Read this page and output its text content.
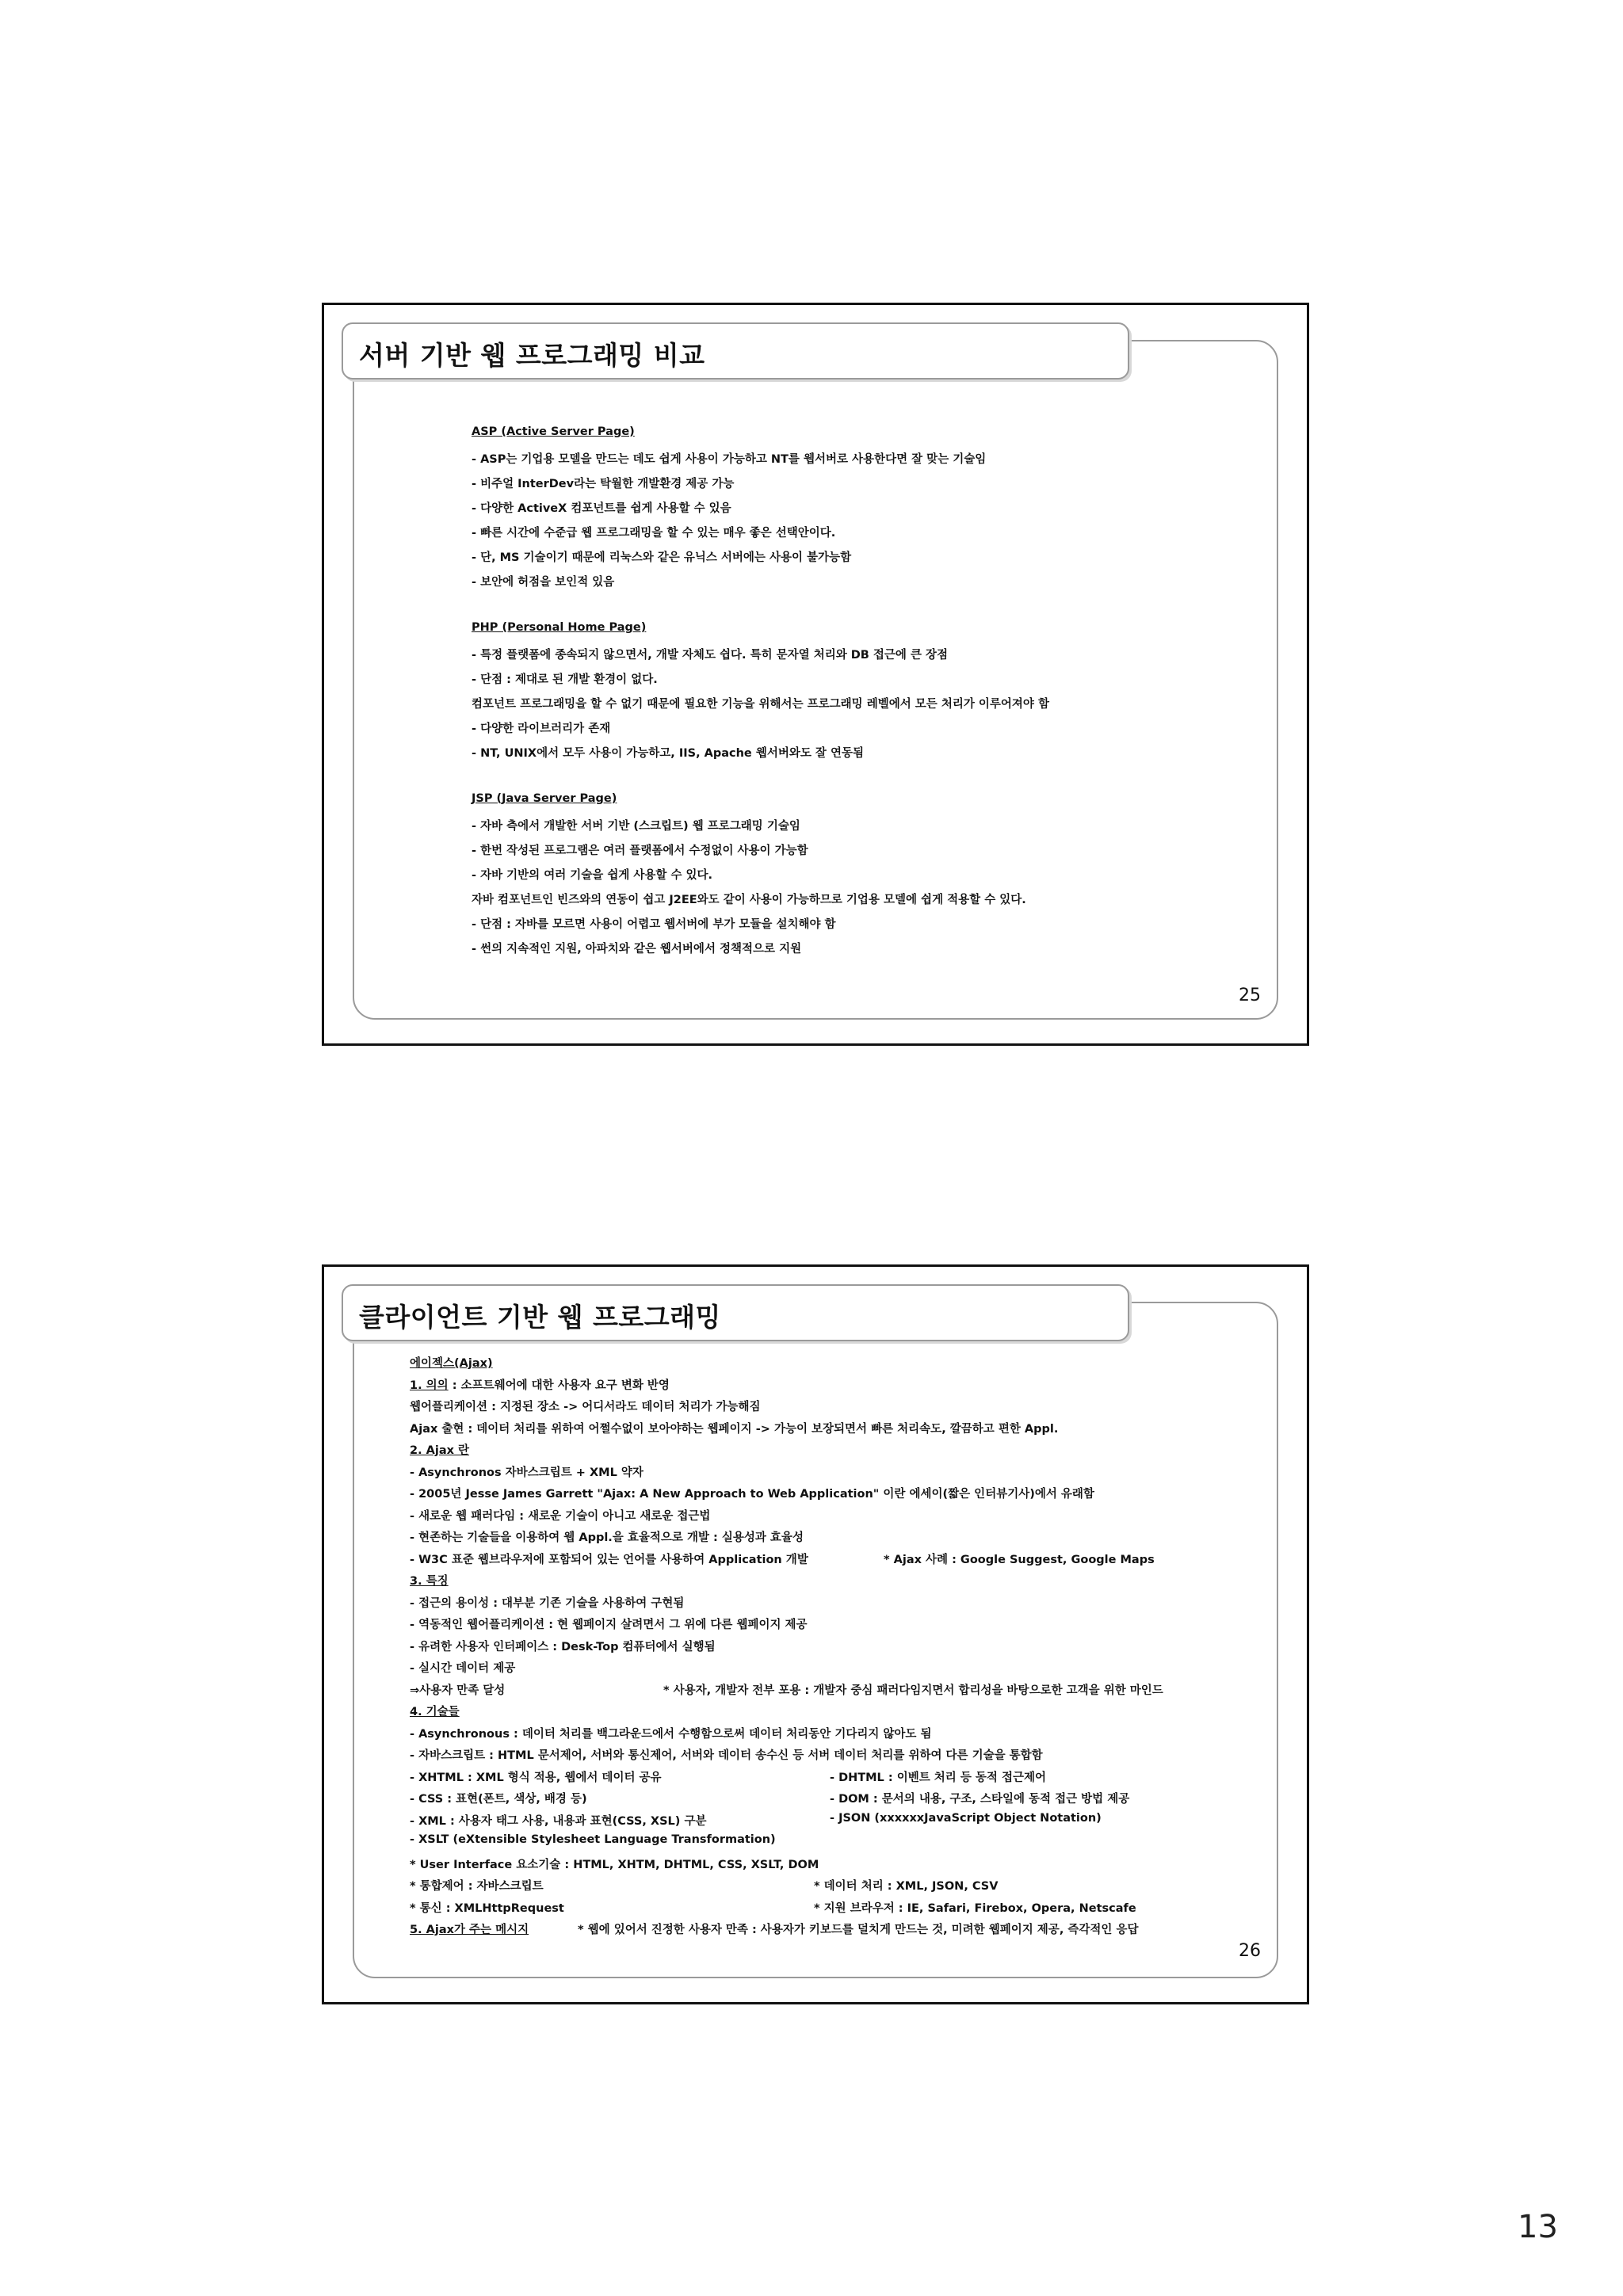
서버 기반 웹 프로그래밍 비교
ASP (Active Server Page)
- ASP는 기업용 모델을 만드는 데도 쉽게 사용이 가능하고 NT를 웹서버로 사용한다면 잘 맞는 기술임
- 비주얼 InterDev라는 탁월한 개발환경 제공 가능
- 다양한 ActiveX 컴포넌트를 쉽게 사용할 수 있음
- 빠른 시간에 수준급 웹 프로그래밍을 할 수 있는 매우 좋은 선택안이다.
- 단, MS 기술이기 때문에 리눅스와 같은 유닉스 서버에는 사용이 불가능함
- 보안에 허점을 보인적 있음
PHP (Personal Home Page)
- 특정 플랫폼에 종속되지 않으면서, 개발 자체도 쉽다. 특히 문자열 처리와 DB 접근에 큰 장점
- 단점 : 제대로 된 개발 환경이 없다.
컴포넌트 프로그래밍을 할 수 없기 때문에 필요한 기능을 위해서는 프로그래밍 레벨에서 모든 처리가 이루어져야 함
- 다양한 라이브러리가 존재
- NT, UNIX에서 모두 사용이 가능하고, IIS, Apache 웹서버와도 잘 연동됨
JSP (Java Server Page)
- 자바 측에서 개발한 서버 기반 (스크립트) 웹 프로그래밍 기술임
- 한번 작성된 프로그램은 여러 플랫폼에서 수정없이 사용이 가능함
- 자바 기반의 여러 기술을 쉽게 사용할 수 있다.
자바 컴포넌트인 빈즈와의 연동이 쉽고 J2EE와도 같이 사용이 가능하므로 기업용 모델에 쉽게 적용할 수 있다.
- 단점 : 자바를 모르면 사용이 어렵고 웹서버에 부가 모듈을 설치해야 함
- 썬의 지속적인 지원, 아파치와 같은 웹서버에서 정책적으로 지원
25
클라이언트 기반 웹 프로그래밍
에이젝스(Ajax)
1. 의의 : 소프트웨어에 대한 사용자 요구 변화 반영
웹어플리케이션 : 지정된 장소 -> 어디서라도 데이터 처리가 가능해짐
Ajax 출현 : 데이터 처리를 위하여 어쩔수없이 보아야하는 웹페이지 -> 가능이 보장되면서 빠른 처리속도, 깔끔하고 편한 Appl.
2. Ajax 란
- Asynchronos 자바스크립트 + XML 약자
- 2005년 Jesse James Garrett "Ajax: A New Approach to Web Application" 이란 에세이(짧은 인터뷰기사)에서 유래함
- 새로운 웹 패러다임 : 새로운 기술이 아니고 새로운 접근법
- 현존하는 기술들을 이용하여 웹 Appl.을 효율적으로 개발 : 실용성과 효율성
- W3C 표준 웹브라우저에 포함되어 있는 언어를 사용하여 Application 개발	* Ajax 사례 : Google Suggest, Google Maps
3. 특징
- 접근의 용이성 : 대부분 기존 기술을 사용하여 구현됨
- 역동적인 웹어플리케이션 : 현 웹페이지 살려면서 그 위에 다른 웹페이지 제공
- 유려한 사용자 인터페이스 : Desk-Top 컴퓨터에서 실행됨
- 실시간 데이터 제공
⇒사용자 만족 달성	* 사용자, 개발자 전부 포용 : 개발자 중심 패러다임지면서 합리성을 바탕으로한 고객을 위한 마인드
4. 기술들
- Asynchronous : 데이터 처리를 백그라운드에서 수행함으로써 데이터 처리동안 기다리지 않아도 됨
- 자바스크립트 : HTML 문서제어, 서버와 통신제어, 서버와 데이터 송수신 등 서버 데이터 처리를 위하여 다른 기술을 통합함
- XHTML : XML 형식 적용, 웹에서 데이터 공유	- DHTML : 이벤트 처리 등 동적 접근제어
- CSS : 표현(폰트, 색상, 배경 등)	- DOM : 문서의 내용, 구조, 스타일에 동적 접근 방법 제공
- XML : 사용자 태그 사용, 내용과 표현(CSS, XSL) 구분	- JSON (xxxxxxJavaScript Object Notation)
- XSLT (eXtensible Stylesheet Language Transformation)
* User Interface 요소기술 : HTML, XHTM, DHTML, CSS, XSLT, DOM
* 통합제어 : 자바스크립트	* 데이터 처리 : XML, JSON, CSV
* 통신 : XMLHttpRequest	* 지원 브라우저 : IE, Safari, Firebox, Opera, Netscafe
5. Ajax가 주는 메시지	* 웹에 있어서 진정한 사용자 만족 : 사용자가 키보드를 덜치게 만드는 것, 미려한 웹페이지 제공, 즉각적인 응답
26
13
